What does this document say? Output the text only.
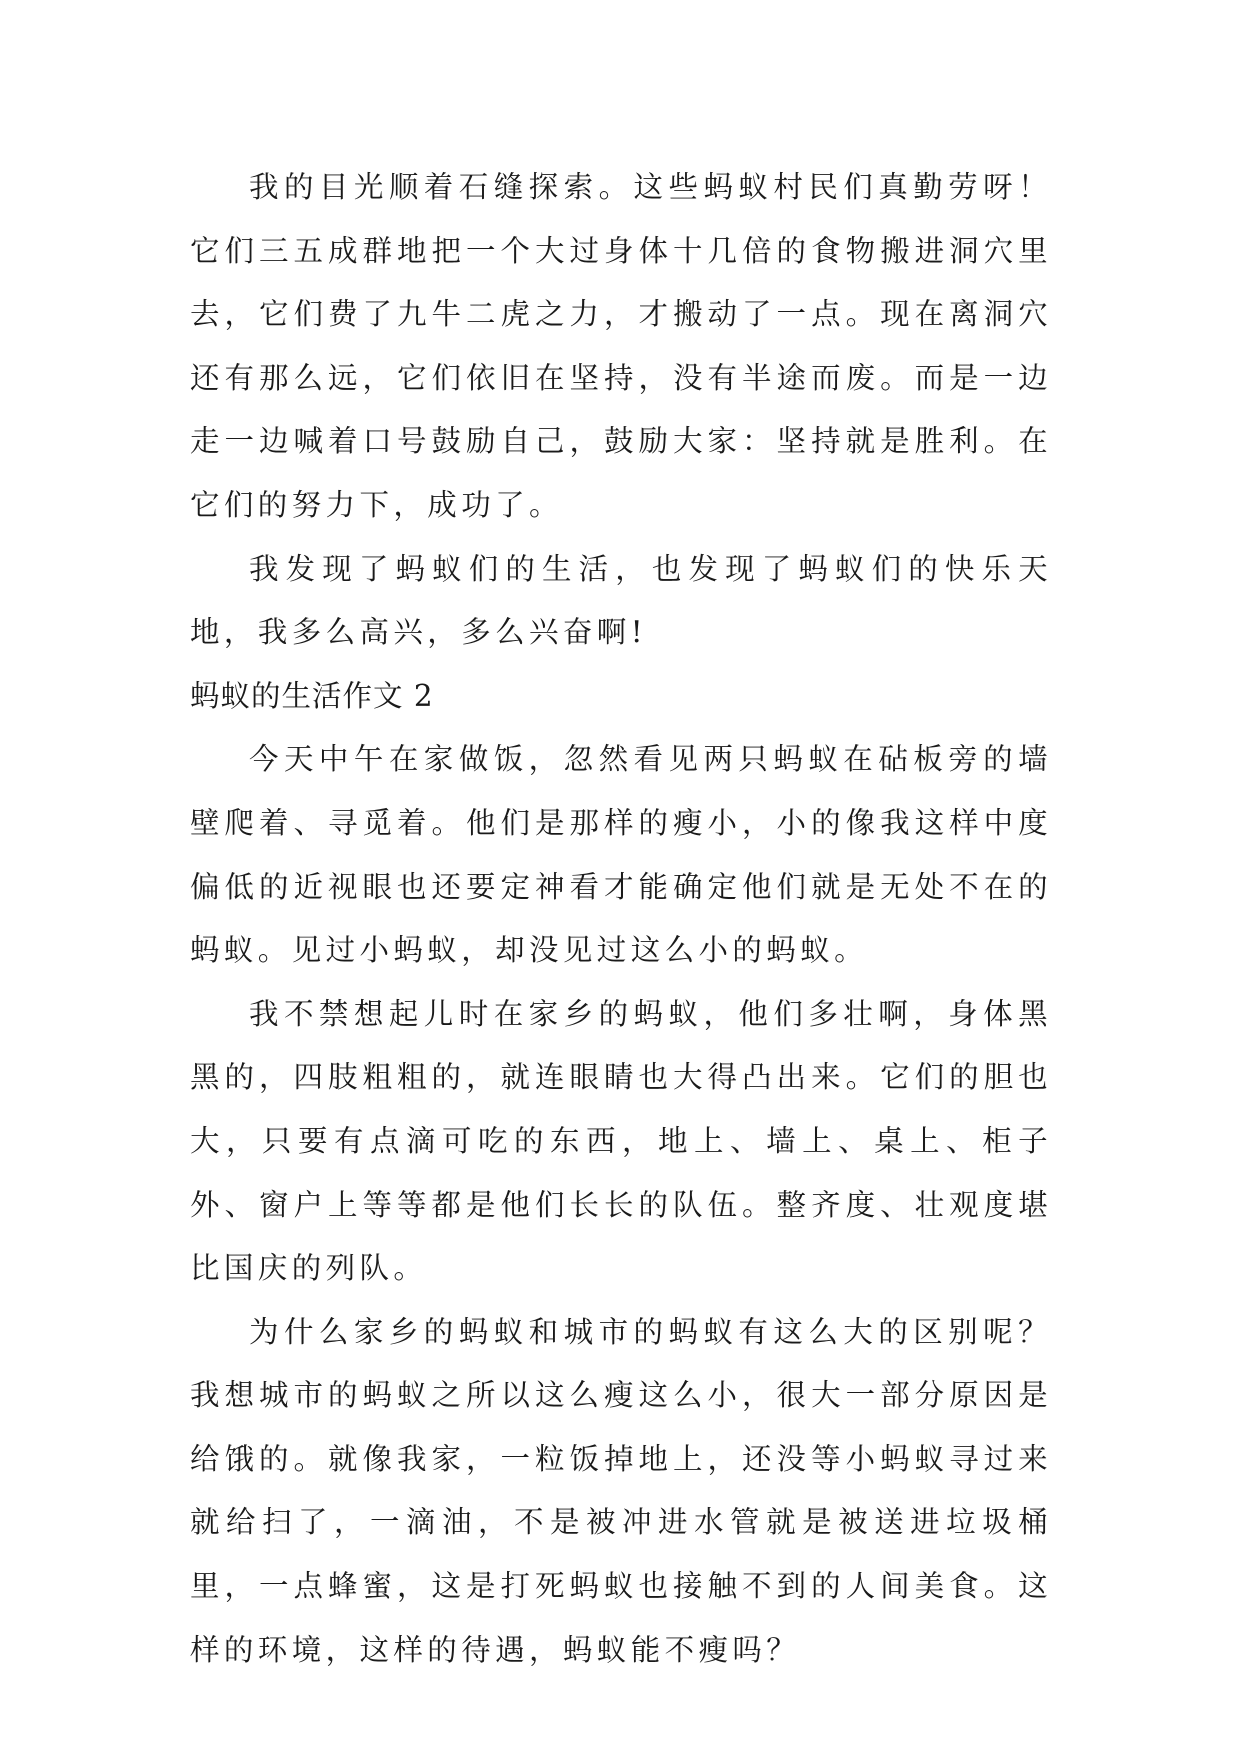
我的目光顺着石缝探索。这些蚂蚁村民们真勤劳呀！它们三五成群地把一个大过身体十几倍的食物搬进洞穴里去，它们费了九牛二虎之力，才搬动了一点。现在离洞穴还有那么远，它们依旧在坚持，没有半途而废。而是一边走一边喊着口号鼓励自己，鼓励大家：坚持就是胜利。在它们的努力下，成功了。

我发现了蚂蚁们的生活，也发现了蚂蚁们的快乐天地，我多么高兴，多么兴奋啊!

蚂蚁的生活作文 2

今天中午在家做饭，忽然看见两只蚂蚁在砧板旁的墙壁爬着、寻觅着。他们是那样的瘦小，小的像我这样中度偏低的近视眼也还要定神看才能确定他们就是无处不在的蚂蚁。见过小蚂蚁，却没见过这么小的蚂蚁。

我不禁想起儿时在家乡的蚂蚁，他们多壮啊，身体黑黑的，四肢粗粗的，就连眼睛也大得凸出来。它们的胆也大，只要有点滴可吃的东西，地上、墙上、桌上、柜子外、窗户上等等都是他们长长的队伍。整齐度、壮观度堪比国庆的列队。

为什么家乡的蚂蚁和城市的蚂蚁有这么大的区别呢？我想城市的蚂蚁之所以这么瘦这么小，很大一部分原因是给饿的。就像我家，一粒饭掉地上，还没等小蚂蚁寻过来就给扫了，一滴油，不是被冲进水管就是被送进垃圾桶里，一点蜂蜜，这是打死蚂蚁也接触不到的人间美食。这样的环境，这样的待遇，蚂蚁能不瘦吗？
